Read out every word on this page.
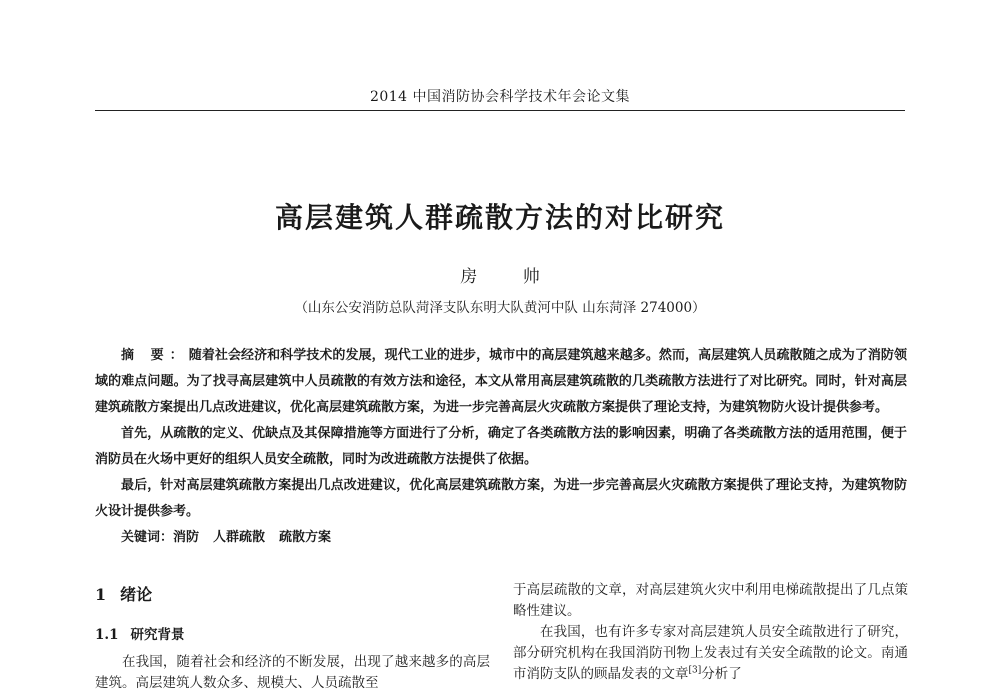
2014 中国消防协会科学技术年会论文集
高层建筑人群疏散方法的对比研究
房 帅
（山东公安消防总队菏泽支队东明大队黄河中队 山东菏泽 274000）

摘 要：随着社会经济和科学技术的发展，现代工业的进步，城市中的高层建筑越来越多。然而，高层建筑人员疏散随之成为了消防领域的难点问题。为了找寻高层建筑中人员疏散的有效方法和途径，本文从常用高层建筑疏散的几类疏散方法进行了对比研究。同时，针对高层建筑疏散方案提出几点改进建议，优化高层建筑疏散方案，为进一步完善高层火灾疏散方案提供了理论支持，为建筑物防火设计提供参考。

首先，从疏散的定义、优缺点及其保障措施等方面进行了分析，确定了各类疏散方法的影响因素，明确了各类疏散方法的适用范围，便于消防员在火场中更好的组织人员安全疏散，同时为改进疏散方法提供了依据。

最后，针对高层建筑疏散方案提出几点改进建议，优化高层建筑疏散方案，为进一步完善高层火灾疏散方案提供了理论支持，为建筑物防火设计提供参考。

关键词：消防 人群疏散 疏散方案

1 绪论
1.1 研究背景

在我国，随着社会和经济的不断发展，出现了越来越多的高层建筑。高层建筑人数众多、规模大、人员疏散至

于高层疏散的文章，对高层建筑火灾中利用电梯疏散提出了几点策略性建议。

在我国，也有许多专家对高层建筑人员安全疏散进行了研究，部分研究机构在我国消防刊物上发表过有关安全疏散的论文。南通市消防支队的顾晶发表的文章[3]分析了
